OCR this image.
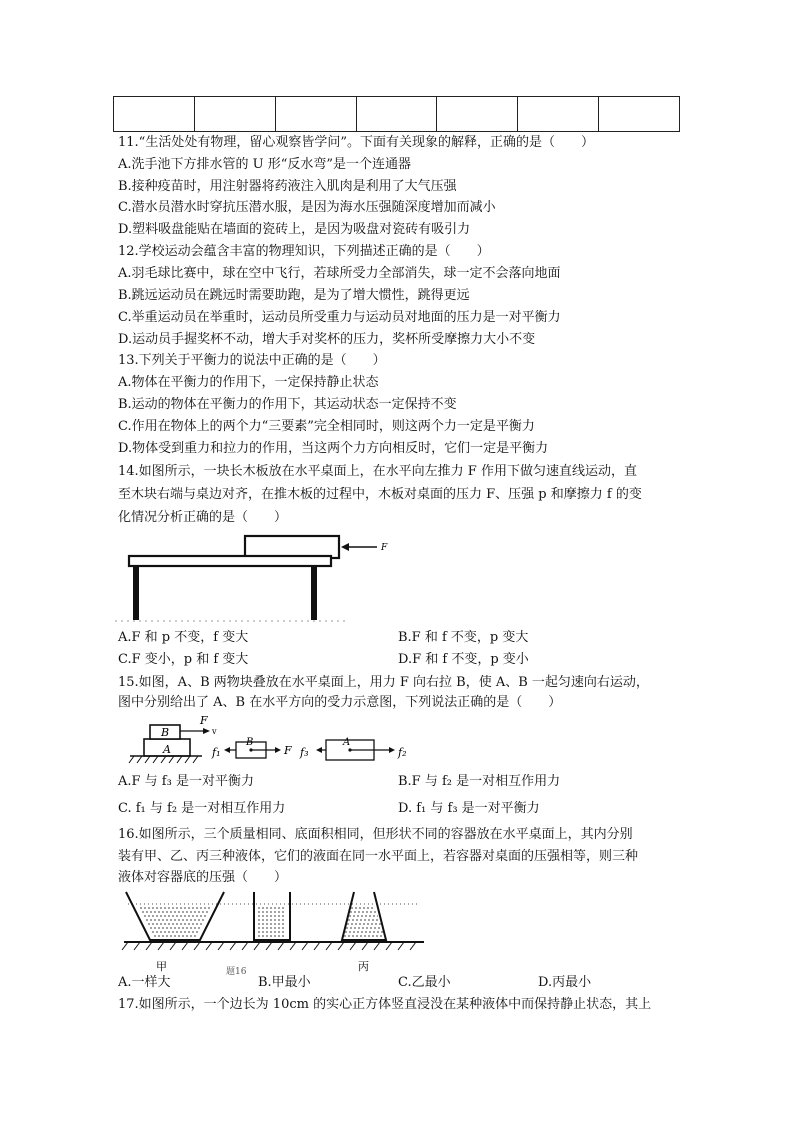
11.“生活处处有物理，留心观察皆学问”。下面有关现象的解释，正确的是（　　）
A.洗手池下方排水管的 U 形“反水弯”是一个连通器
B.接种疫苗时，用注射器将药液注入肌肉是利用了大气压强
C.潜水员潜水时穿抗压潜水服，是因为海水压强随深度增加而减小
D.塑料吸盘能贴在墙面的瓷砖上，是因为吸盘对瓷砖有吸引力
12.学校运动会蕴含丰富的物理知识，下列描述正确的是（　　）
A.羽毛球比赛中，球在空中飞行，若球所受力全部消失，球一定不会落向地面
B.跳远运动员在跳远时需要助跑，是为了增大惯性，跳得更远
C.举重运动员在举重时，运动员所受重力与运动员对地面的压力是一对平衡力
D.运动员手握奖杯不动，增大手对奖杯的压力，奖杯所受摩擦力大小不变
13.下列关于平衡力的说法中正确的是（　　）
A.物体在平衡力的作用下，一定保持静止状态
B.运动的物体在平衡力的作用下，其运动状态一定保持不变
C.作用在物体上的两个力“三要素”完全相同时，则这两个力一定是平衡力
D.物体受到重力和拉力的作用，当这两个力方向相反时，它们一定是平衡力
14.如图所示，一块长木板放在水平桌面上，在水平向左推力 F 作用下做匀速直线运动，直
至木块右端与桌边对齐，在推木板的过程中，木板对桌面的压力 F、压强 p 和摩擦力 f 的变
化情况分析正确的是（　　）
F
A.F 和 p 不变，f 变大	B.F 和 f 不变，p 变大
C.F 变小，p 和 f 变大	D.F 和 f 不变，p 变小
15.如图，A、B 两物块叠放在水平桌面上，用力 F 向右拉 B，使 A、B 一起匀速向右运动，
图中分别给出了 A、B 在水平方向的受力示意图，下列说法正确的是（　　）
B
A
F
v
f₁
B
F f₃
A
f₂
A.F 与 f₃ 是一对平衡力	B.F 与 f₂ 是一对相互作用力
C. f₁ 与 f₂ 是一对相互作用力	D. f₁ 与 f₃ 是一对平衡力
16.如图所示，三个质量相同、底面积相同，但形状不同的容器放在水平桌面上，其内分别
装有甲、乙、丙三种液体，它们的液面在同一水平面上，若容器对桌面的压强相等，则三种
液体对容器底的压强（　　）
甲	题16	丙
A.一样大	B.甲最小	C.乙最小	D.丙最小
17.如图所示，一个边长为 10cm 的实心正方体竖直浸没在某种液体中而保持静止状态，其上
